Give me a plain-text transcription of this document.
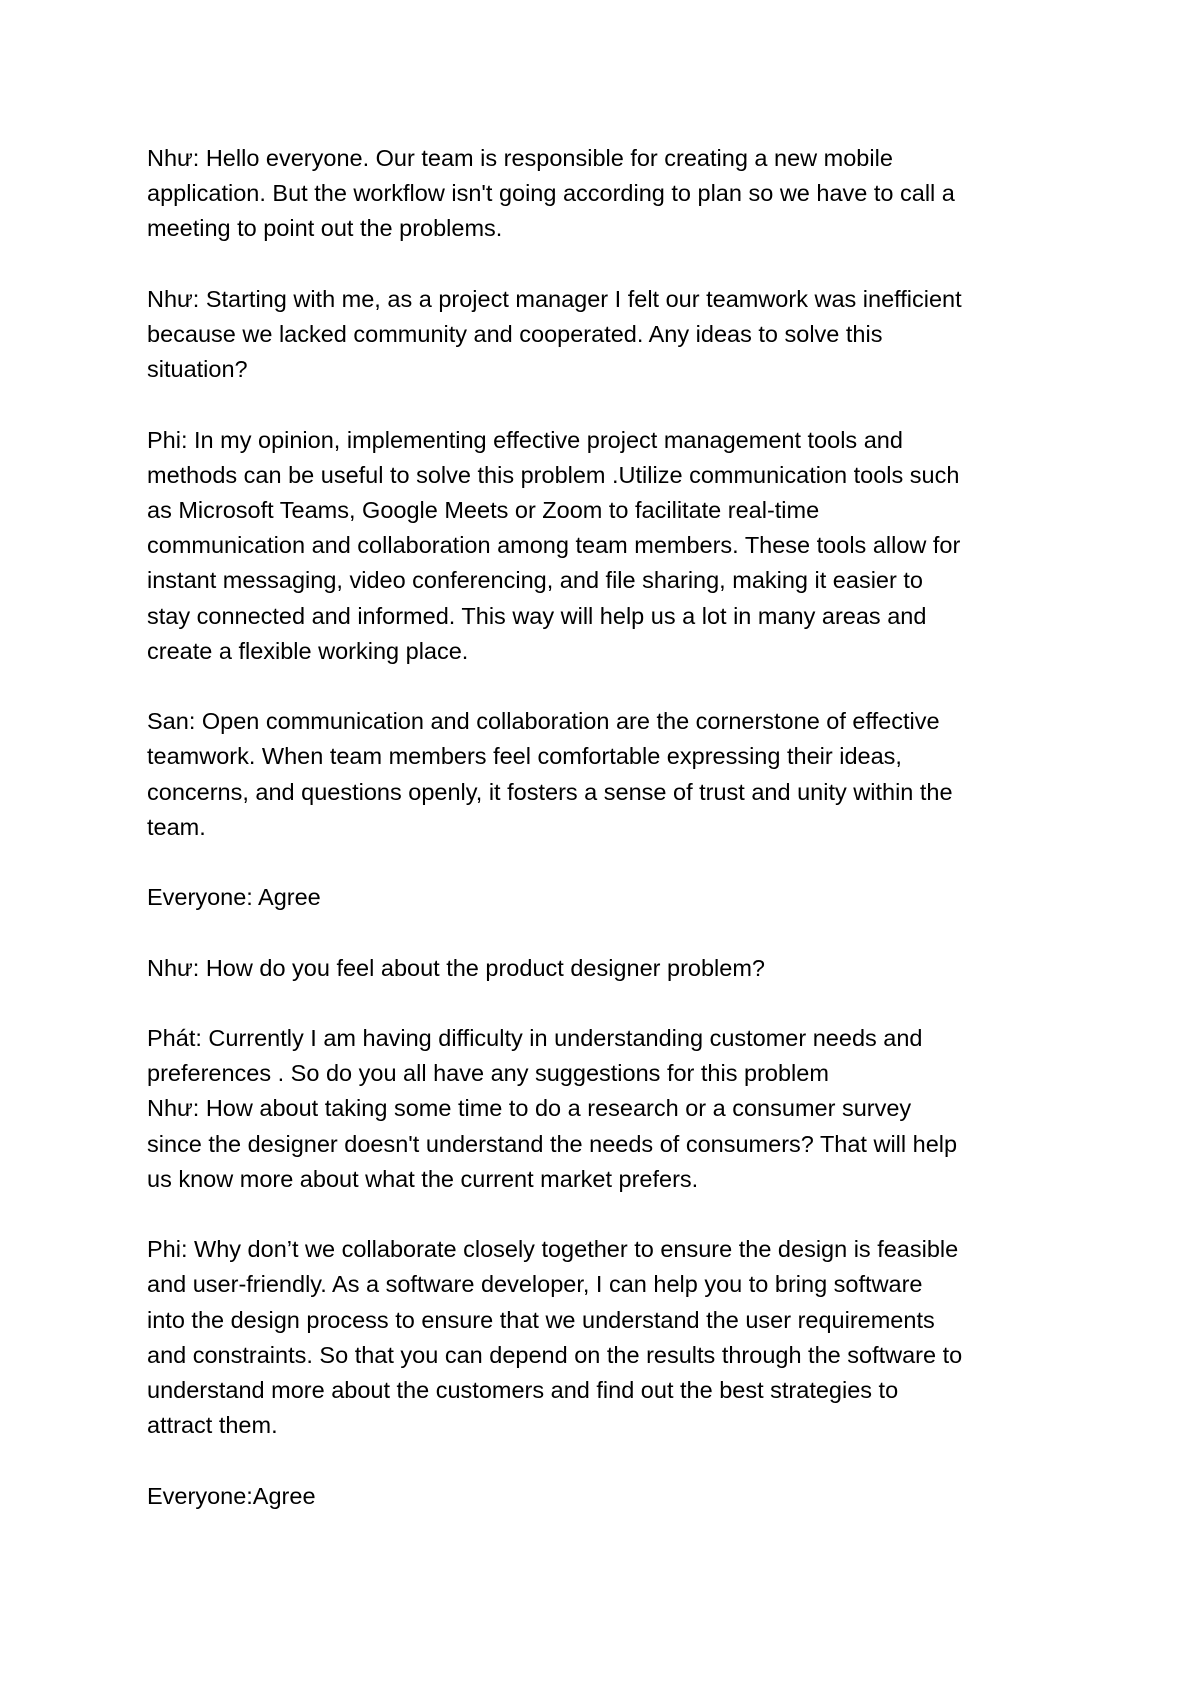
Như: Hello everyone. Our team is responsible for creating a new mobile
application. But the workflow isn't going according to plan so we have to call a
meeting to point out the problems.

Như: Starting with me, as a project manager I felt our teamwork was inefficient
because we lacked community and cooperated. Any ideas to solve this
situation?

Phi: In my opinion, implementing effective project management tools and
methods can be useful to solve this problem .Utilize communication tools such
as Microsoft Teams, Google Meets or Zoom to facilitate real-time
communication and collaboration among team members. These tools allow for
instant messaging, video conferencing, and file sharing, making it easier to
stay connected and informed. This way will help us a lot in many areas and
create a flexible working place.

San: Open communication and collaboration are the cornerstone of effective
teamwork. When team members feel comfortable expressing their ideas,
concerns, and questions openly, it fosters a sense of trust and unity within the
team.

Everyone: Agree

Như: How do you feel about the product designer problem?

Phát: Currently I am having difficulty in understanding customer needs and
preferences . So do you all have any suggestions for this problem

Như: How about taking some time to do a research or a consumer survey
since the designer doesn't understand the needs of consumers? That will help
us know more about what the current market prefers.

Phi: Why don’t we collaborate closely together to ensure the design is feasible
and user-friendly. As a software developer, I can help you to bring software
into the design process to ensure that we understand the user requirements
and constraints. So that you can depend on the results through the software to
understand more about the customers and find out the best strategies to
attract them.

Everyone:Agree
